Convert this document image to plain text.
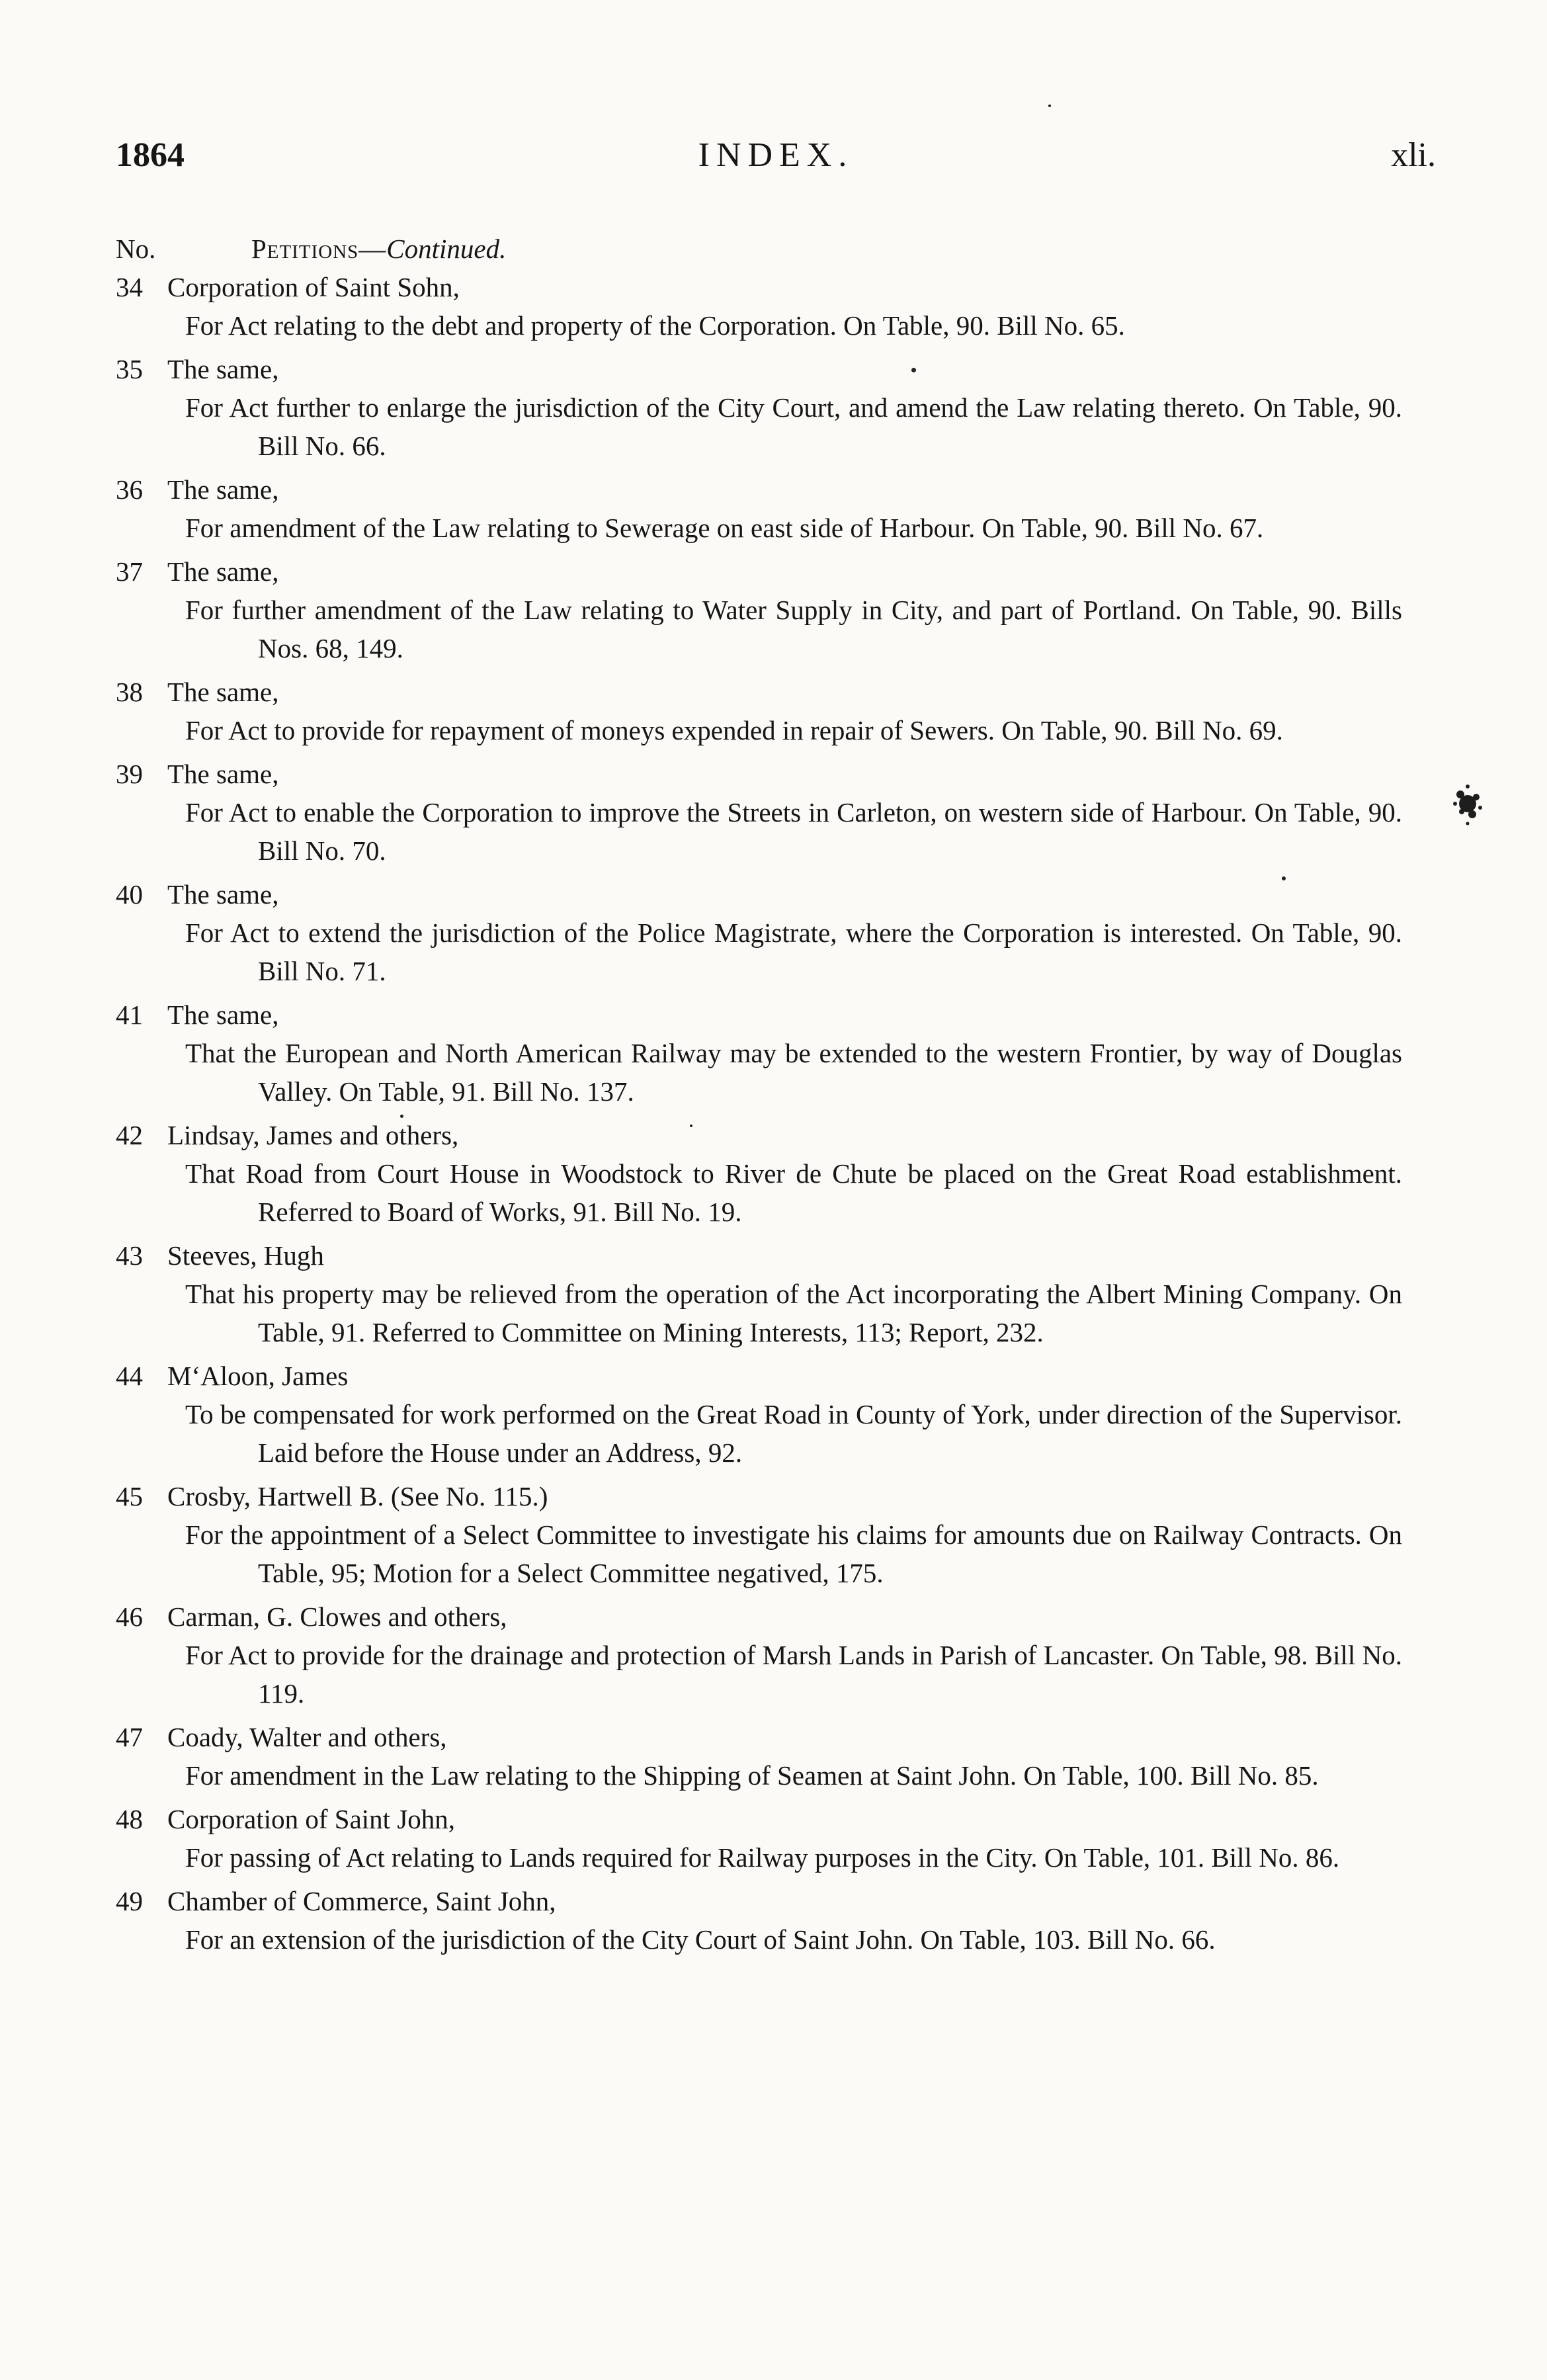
1864	INDEX.	xli.
No.	Petitions—Continued.
34 Corporation of Saint Sohn,
For Act relating to the debt and property of the Corporation. On Table, 90. Bill No. 65.
35 The same,
For Act further to enlarge the jurisdiction of the City Court, and amend the Law relating thereto. On Table, 90. Bill No. 66.
36 The same,
For amendment of the Law relating to Sewerage on east side of Harbour. On Table, 90. Bill No. 67.
37 The same,
For further amendment of the Law relating to Water Supply in City, and part of Portland. On Table, 90. Bills Nos. 68, 149.
38 The same,
For Act to provide for repayment of moneys expended in repair of Sewers. On Table, 90. Bill No. 69.
39 The same,
For Act to enable the Corporation to improve the Streets in Carleton, on western side of Harbour. On Table, 90. Bill No. 70.
40 The same,
For Act to extend the jurisdiction of the Police Magistrate, where the Corporation is interested. On Table, 90. Bill No. 71.
41 The same,
That the European and North American Railway may be extended to the western Frontier, by way of Douglas Valley. On Table, 91. Bill No. 137.
42 Lindsay, James and others,
That Road from Court House in Woodstock to River de Chute be placed on the Great Road establishment. Referred to Board of Works, 91. Bill No. 19.
43 Steeves, Hugh
That his property may be relieved from the operation of the Act incorporating the Albert Mining Company. On Table, 91. Referred to Committee on Mining Interests, 113; Report, 232.
44 M‘Aloon, James
To be compensated for work performed on the Great Road in County of York, under direction of the Supervisor. Laid before the House under an Address, 92.
45 Crosby, Hartwell B. (See No. 115.)
For the appointment of a Select Committee to investigate his claims for amounts due on Railway Contracts. On Table, 95; Motion for a Select Committee negatived, 175.
46 Carman, G. Clowes and others,
For Act to provide for the drainage and protection of Marsh Lands in Parish of Lancaster. On Table, 98. Bill No. 119.
47 Coady, Walter and others,
For amendment in the Law relating to the Shipping of Seamen at Saint John. On Table, 100. Bill No. 85.
48 Corporation of Saint John,
For passing of Act relating to Lands required for Railway purposes in the City. On Table, 101. Bill No. 86.
49 Chamber of Commerce, Saint John,
For an extension of the jurisdiction of the City Court of Saint John. On Table, 103. Bill No. 66.
